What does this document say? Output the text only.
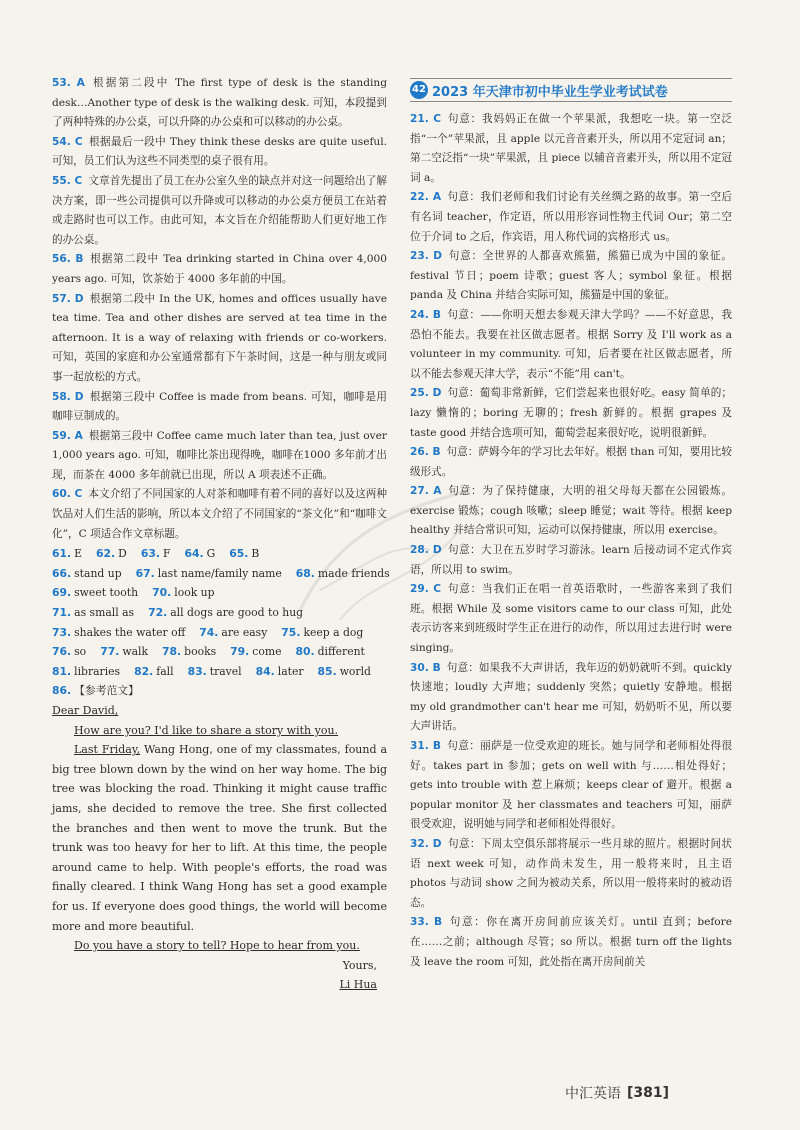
53. A 根据第二段中 The first type of desk is the standing desk…Another type of desk is the walking desk. 可知，本段提到了两种特殊的办公桌，可以升降的办公桌和可以移动的办公桌。
54. C 根据最后一段中 They think these desks are quite useful. 可知，员工们认为这些不同类型的桌子很有用。
55. C 文章首先提出了员工在办公室久坐的缺点并对这一问题给出了解决方案，即一些公司提供可以升降或可以移动的办公桌方便员工在站着或走路时也可以工作。由此可知，本文旨在介绍能帮助人们更好地工作的办公桌。
56. B 根据第二段中 Tea drinking started in China over 4,000 years ago. 可知，饮茶始于 4000 多年前的中国。
57. D 根据第二段中 In the UK, homes and offices usually have tea time. Tea and other dishes are served at tea time in the afternoon. It is a way of relaxing with friends or co-workers. 可知，英国的家庭和办公室通常都有下午茶时间，这是一种与朋友或同事一起放松的方式。
58. D 根据第三段中 Coffee is made from beans. 可知，咖啡是用咖啡豆制成的。
59. A 根据第三段中 Coffee came much later than tea, just over 1,000 years ago. 可知，咖啡比茶出现得晚，咖啡在1000 多年前才出现，而茶在 4000 多年前就已出现，所以 A 项表述不正确。
60. C 本文介绍了不同国家的人对茶和咖啡有着不同的喜好以及这两种饮品对人们生活的影响，所以本文介绍了不同国家的“茶文化”和“咖啡文化”，C 项适合作文章标题。
61. E 62. D 63. F 64. G 65. B
66. stand up 67. last name/family name 68. made friends
69. sweet tooth 70. look up
71. as small as 72. all dogs are good to hug
73. shakes the water off 74. are easy 75. keep a dog
76. so 77. walk 78. books 79. come 80. different
81. libraries 82. fall 83. travel 84. later 85. world
86. 【参考范文】

Dear David,

How are you? I'd like to share a story with you.

Last Friday, Wang Hong, one of my classmates, found a big tree blown down by the wind on her way home. The big tree was blocking the road. Thinking it might cause traffic jams, she decided to remove the tree. She first collected the branches and then went to move the trunk. But the trunk was too heavy for her to lift. At this time, the people around came to help. With people's efforts, the road was finally cleared. I think Wang Hong has set a good example for us. If everyone does good things, the world will become more and more beautiful.

Do you have a story to tell? Hope to hear from you.

Yours,

Li Hua

42 2023 年天津市初中毕业生学业考试试卷
21. C 句意：我妈妈正在做一个苹果派，我想吃一块。第一空泛指“一个”苹果派，且 apple 以元音音素开头，所以用不定冠词 an；第二空泛指“一块”苹果派，且 piece 以辅音音素开头，所以用不定冠词 a。
22. A 句意：我们老师和我们讨论有关丝绸之路的故事。第一空后有名词 teacher，作定语，所以用形容词性物主代词 Our；第二空位于介词 to 之后，作宾语，用人称代词的宾格形式 us。
23. D 句意：全世界的人都喜欢熊猫，熊猫已成为中国的象征。festival 节日；poem 诗歌；guest 客人；symbol 象征。根据 panda 及 China 并结合实际可知，熊猫是中国的象征。
24. B 句意：——你明天想去参观天津大学吗？——不好意思，我恐怕不能去。我要在社区做志愿者。根据 Sorry 及 I'll work as a volunteer in my community. 可知，后者要在社区做志愿者，所以不能去参观天津大学，表示“不能”用 can't。
25. D 句意：葡萄非常新鲜，它们尝起来也很好吃。easy 简单的；lazy 懒惰的；boring 无聊的；fresh 新鲜的。根据 grapes 及 taste good 并结合选项可知，葡萄尝起来很好吃，说明很新鲜。
26. B 句意：萨姆今年的学习比去年好。根据 than 可知，要用比较级形式。
27. A 句意：为了保持健康，大明的祖父母每天都在公园锻炼。exercise 锻炼；cough 咳嗽；sleep 睡觉；wait 等待。根据 keep healthy 并结合常识可知，运动可以保持健康，所以用 exercise。
28. D 句意：大卫在五岁时学习游泳。learn 后接动词不定式作宾语，所以用 to swim。
29. C 句意：当我们正在唱一首英语歌时，一些游客来到了我们班。根据 While 及 some visitors came to our class 可知，此处表示访客来到班级时学生正在进行的动作，所以用过去进行时 were singing。
30. B 句意：如果我不大声讲话，我年迈的奶奶就听不到。quickly 快速地；loudly 大声地；suddenly 突然；quietly 安静地。根据 my old grandmother can't hear me 可知，奶奶听不见，所以要大声讲话。
31. B 句意：丽萨是一位受欢迎的班长。她与同学和老师相处得很好。takes part in 参加；gets on well with 与……相处得好；gets into trouble with 惹上麻烦；keeps clear of 避开。根据 a popular monitor 及 her classmates and teachers 可知，丽萨很受欢迎，说明她与同学和老师相处得很好。
32. D 句意：下周太空俱乐部将展示一些月球的照片。根据时间状语 next week 可知，动作尚未发生，用一般将来时，且主语 photos 与动词 show 之间为被动关系，所以用一般将来时的被动语态。
33. B 句意：你在离开房间前应该关灯。until 直到；before 在……之前；although 尽管；so 所以。根据 turn off the lights 及 leave the room 可知，此处指在离开房间前关
中汇英语 [381]
